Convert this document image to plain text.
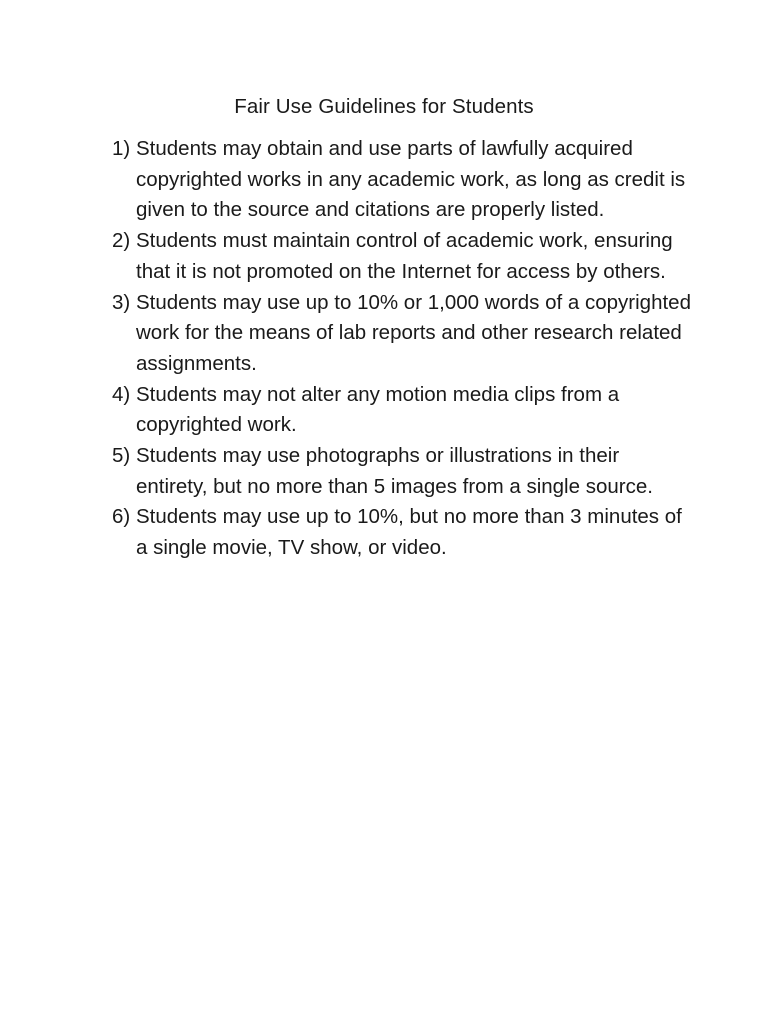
Fair Use Guidelines for Students
1) Students may obtain and use parts of lawfully acquired copyrighted works in any academic work, as long as credit is given to the source and citations are properly listed.
2) Students must maintain control of academic work, ensuring that it is not promoted on the Internet for access by others.
3) Students may use up to 10% or 1,000 words of a copyrighted work for the means of lab reports and other research related assignments.
4) Students may not alter any motion media clips from a copyrighted work.
5) Students may use photographs or illustrations in their entirety, but no more than 5 images from a single source.
6) Students may use up to 10%, but no more than 3 minutes of a single movie, TV show, or video.
